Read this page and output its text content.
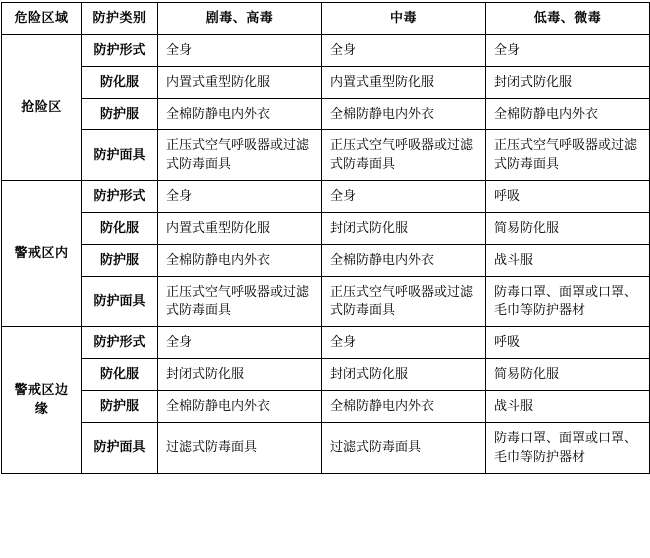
危险区域	防护类别	剧毒、高毒	中毒	低毒、微毒
抢险区	防护形式	全身	全身	全身
	防化服	内置式重型防化服	内置式重型防化服	封闭式防化服
	防护服	全棉防静电内外衣	全棉防静电内外衣	全棉防静电内外衣
	防护面具	正压式空气呼吸器或过滤式防毒面具	正压式空气呼吸器或过滤式防毒面具	正压式空气呼吸器或过滤式防毒面具
警戒区内	防护形式	全身	全身	呼吸
	防化服	内置式重型防化服	封闭式防化服	简易防化服
	防护服	全棉防静电内外衣	全棉防静电内外衣	战斗服
	防护面具	正压式空气呼吸器或过滤式防毒面具	正压式空气呼吸器或过滤式防毒面具	防毒口罩、面罩或口罩、毛巾等防护器材
警戒区边缘	防护形式	全身	全身	呼吸
	防化服	封闭式防化服	封闭式防化服	简易防化服
	防护服	全棉防静电内外衣	全棉防静电内外衣	战斗服
	防护面具	过滤式防毒面具	过滤式防毒面具	防毒口罩、面罩或口罩、毛巾等防护器材
